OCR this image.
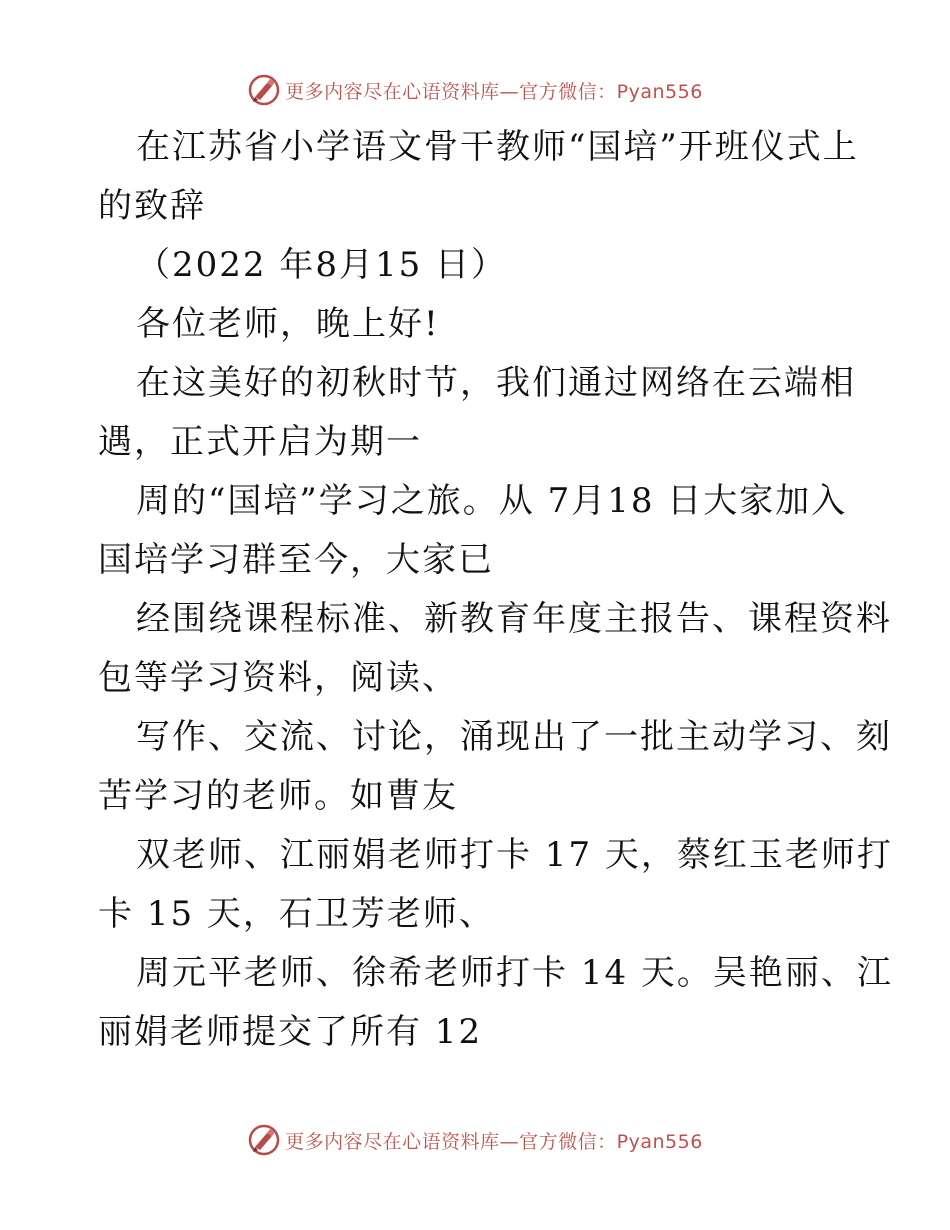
更多内容尽在心语资料库—官方微信：Pyan556
在江苏省小学语文骨干教师“国培”开班仪式上
的致辞
（2022 年8月15 日）
各位老师，晚上好!
在这美好的初秋时节，我们通过网络在云端相
遇，正式开启为期一
周的“国培”学习之旅。从 7月18 日大家加入
国培学习群至今，大家已
经围绕课程标准、新教育年度主报告、课程资料
包等学习资料，阅读、
写作、交流、讨论，涌现出了一批主动学习、刻
苦学习的老师。如曹友
双老师、江丽娟老师打卡 17 天，蔡红玉老师打
卡 15 天，石卫芳老师、
周元平老师、徐希老师打卡 14 天。吴艳丽、江
丽娟老师提交了所有 12
更多内容尽在心语资料库—官方微信：Pyan556
